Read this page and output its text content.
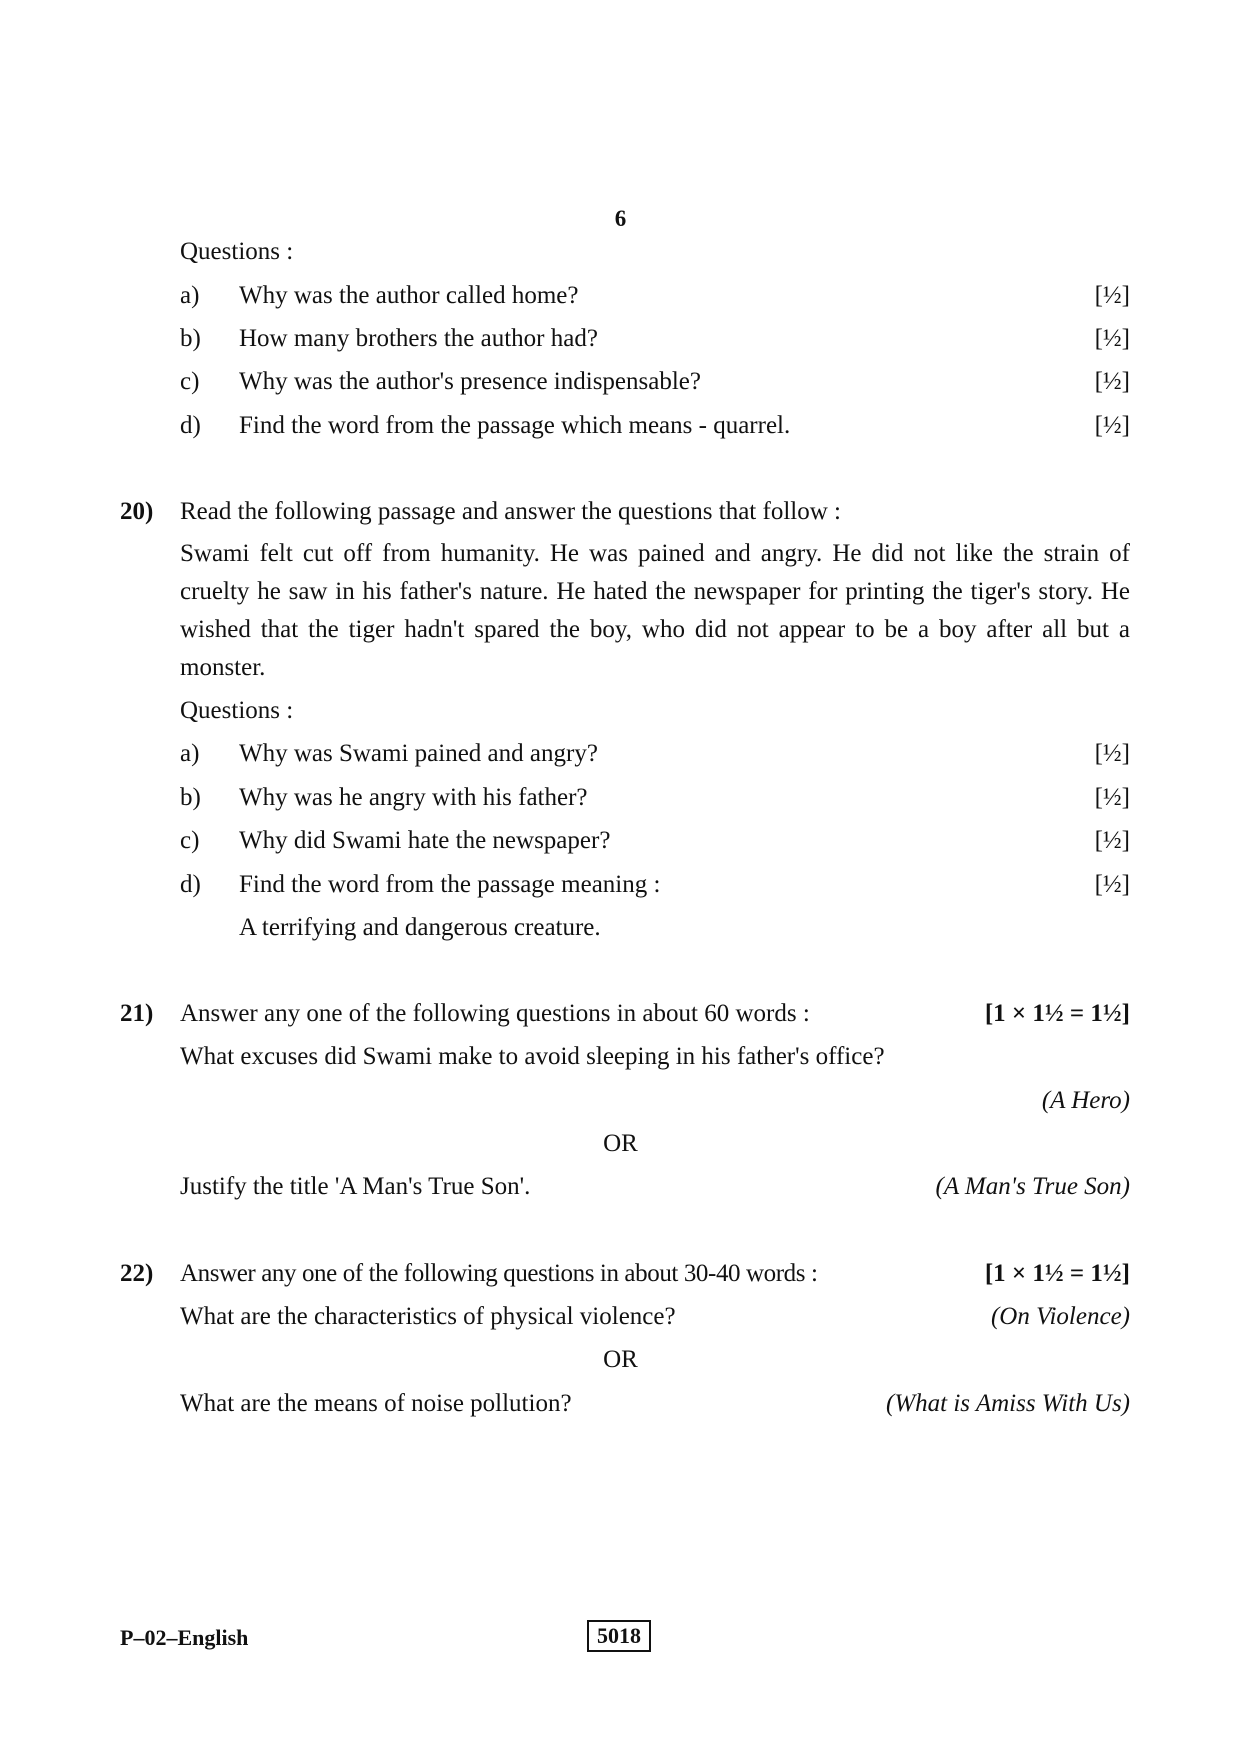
6
Questions :
a) Why was the author called home?	[½]
b) How many brothers the author had?	[½]
c) Why was the author's presence indispensable?	[½]
d) Find the word from the passage which means - quarrel.	[½]
20)	Read the following passage and answer the questions that follow :
Swami felt cut off from humanity. He was pained and angry. He did not like the strain of cruelty he saw in his father's nature. He hated the newspaper for printing the tiger's story. He wished that the tiger hadn't spared the boy, who did not appear to be a boy after all but a monster.
Questions :
a) Why was Swami pained and angry?	[½]
b) Why was he angry with his father?	[½]
c) Why did Swami hate the newspaper?	[½]
d) Find the word from the passage meaning :	[½]
A terrifying and dangerous creature.
21)	Answer any one of the following questions in about 60 words :	[1 × 1½ = 1½]
What excuses did Swami make to avoid sleeping in his father's office?
(A Hero)
OR
Justify the title 'A Man's True Son'.	(A Man's True Son)
22)	Answer any one of the following questions in about 30-40 words :	[1 × 1½ = 1½]
What are the characteristics of physical violence?	(On Violence)
OR
What are the means of noise pollution?	(What is Amiss With Us)
P–02–English	5018
